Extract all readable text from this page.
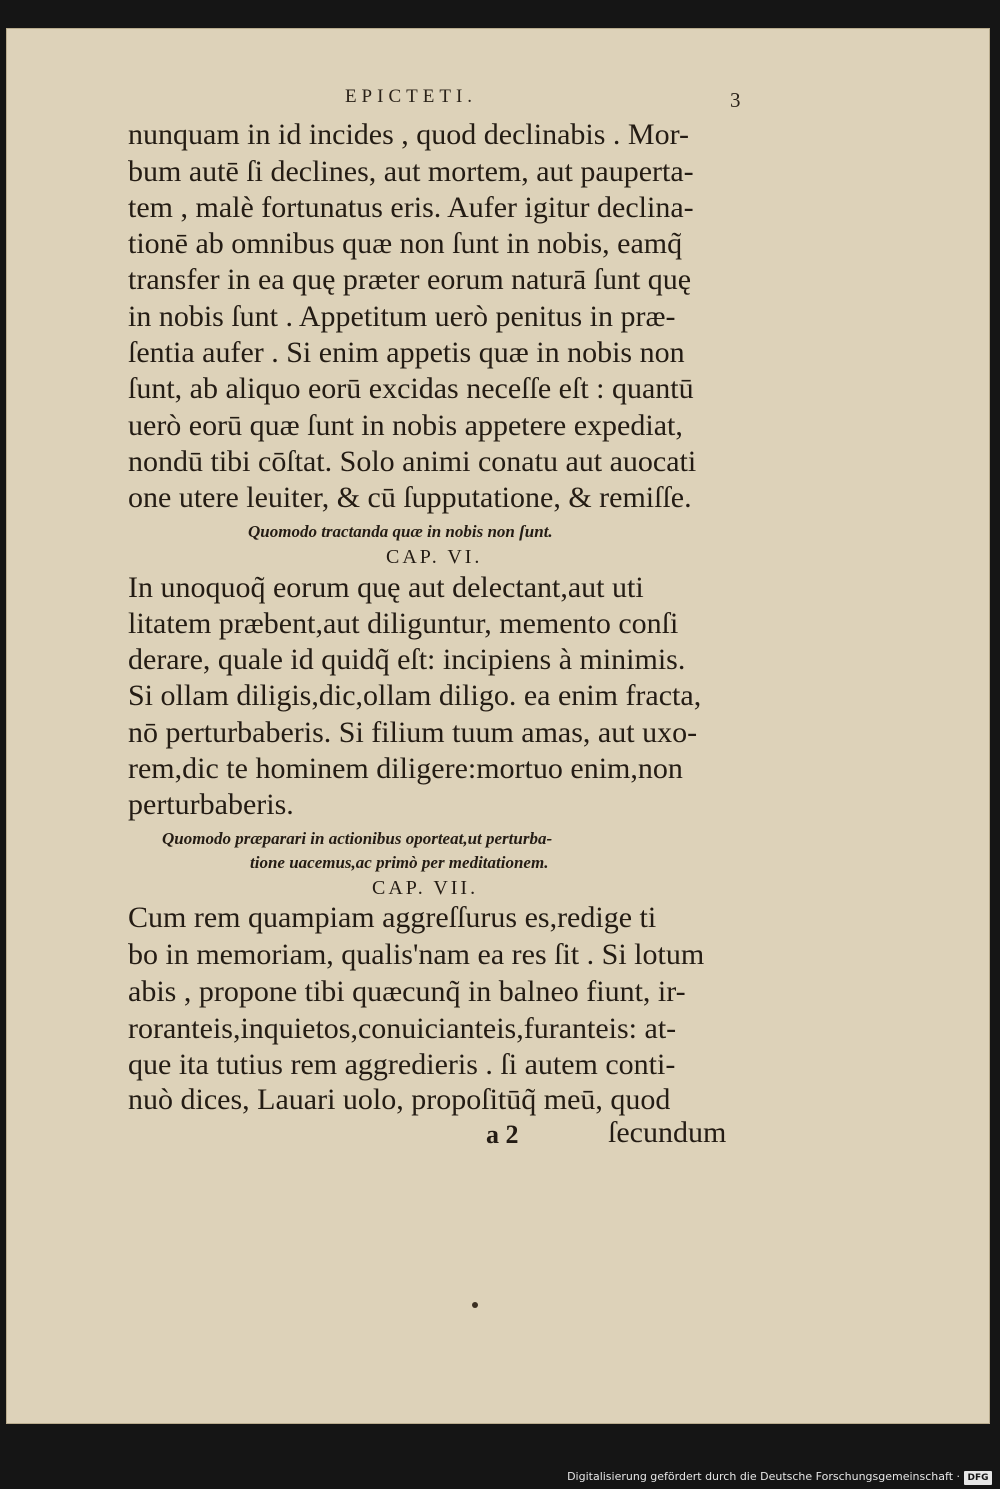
EPICTETI.	3
nunquam in id incides , quod declinabis . Mor-
bum autē ſi declines, aut mortem, aut pauperta-
tem , malè fortunatus eris. Aufer igitur declina-
tionē ab omnibus quæ non ſunt in nobis, eamq̃
transfer in ea quę præter eorum naturā ſunt quę
in nobis ſunt . Appetitum uerò penitus in præ-
ſentia aufer . Si enim appetis quæ in nobis non
ſunt, ab aliquo eorū excidas neceſſe eſt : quantū
uerò eorū quæ ſunt in nobis appetere expediat,
nondū tibi cōſtat. Solo animi conatu aut auocati
one utere leuiter, & cū ſupputatione, & remiſſe.
Quomodo tractanda quæ in nobis non ſunt.
CAP. VI.
In unoquoq̃ eorum quę aut delectant,aut uti
litatem præbent,aut diliguntur, memento conſi
derare, quale id quidq̃ eſt: incipiens à minimis.
Si ollam diligis,dic,ollam diligo. ea enim fracta,
nō perturbaberis. Si filium tuum amas, aut uxo-
rem,dic te hominem diligere:mortuo enim,non
perturbaberis.
Quomodo præparari in actionibus oporteat,ut perturba-
tione uacemus,ac primò per meditationem.
CAP. VII.
Cum rem quampiam aggreſſurus es,redige ti
bo in memoriam, qualis'nam ea res ſit . Si lotum
abis , propone tibi quæcunq̃ in balneo fiunt, ir-
roranteis,inquietos,conuicianteis,furanteis: at-
que ita tutius rem aggredieris . ſi autem conti-
nuò dices, Lauari uolo, propoſitūq̃ meū, quod
a 2	ſecundum
Digitalisierung gefördert durch die Deutsche Forschungsgemeinschaft · DFG
